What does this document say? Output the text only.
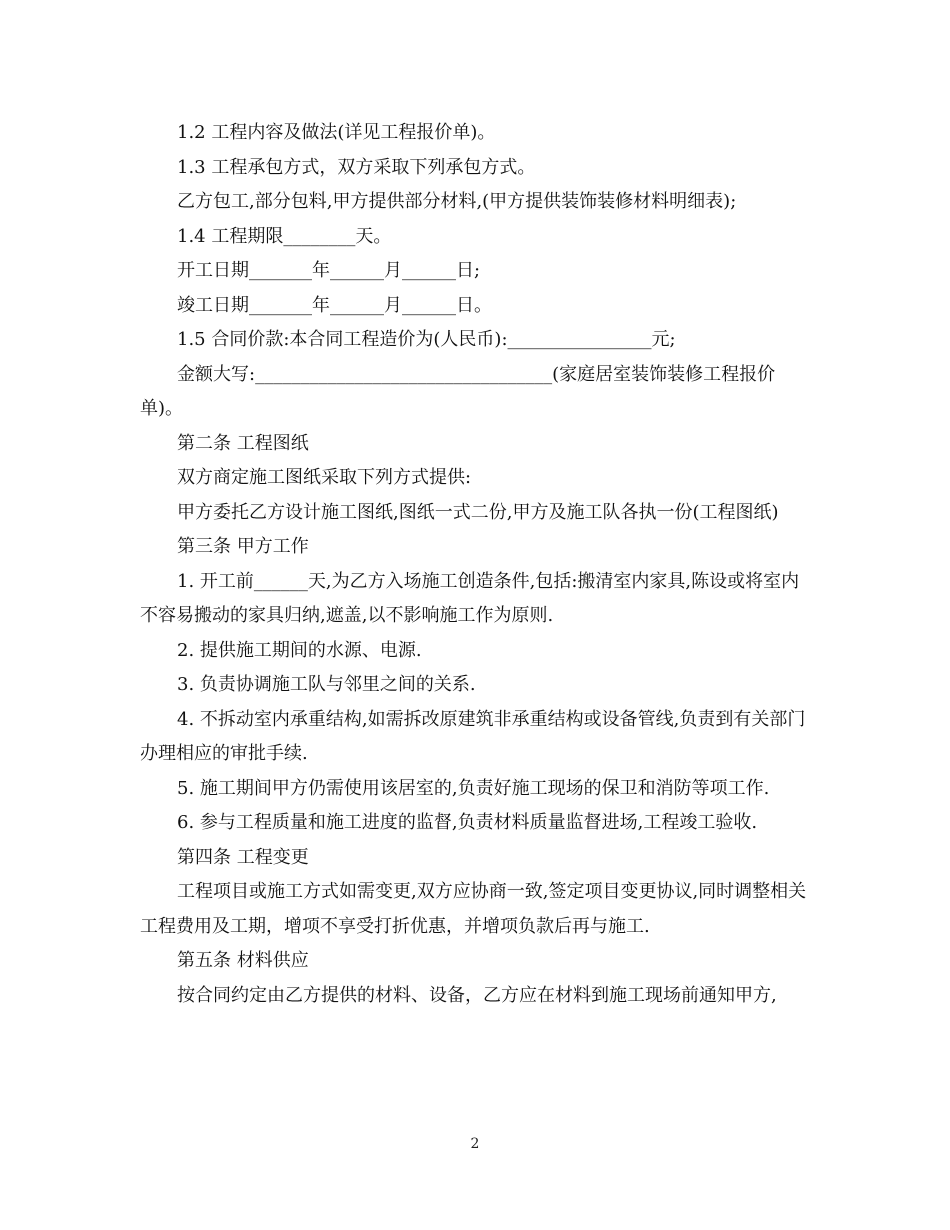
1.2 工程内容及做法(详见工程报价单)。

1.3 工程承包方式，双方采取下列承包方式。

乙方包工,部分包料,甲方提供部分材料,(甲方提供装饰装修材料明细表);

1.4 工程期限________天。

开工日期_______年______月______日;

竣工日期_______年______月______日。

1.5 合同价款:本合同工程造价为(人民币):________________元;

金额大写:_________________________________(家庭居室装饰装修工程报价单)。

第二条 工程图纸

双方商定施工图纸采取下列方式提供:

甲方委托乙方设计施工图纸,图纸一式二份,甲方及施工队各执一份(工程图纸)

第三条 甲方工作

1. 开工前______天,为乙方入场施工创造条件,包括:搬清室内家具,陈设或将室内不容易搬动的家具归纳,遮盖,以不影响施工作为原则.

2. 提供施工期间的水源、电源.

3. 负责协调施工队与邻里之间的关系.

4. 不拆动室内承重结构,如需拆改原建筑非承重结构或设备管线,负责到有关部门办理相应的审批手续.

5. 施工期间甲方仍需使用该居室的,负责好施工现场的保卫和消防等项工作.

6. 参与工程质量和施工进度的监督,负责材料质量监督进场,工程竣工验收.

第四条 工程变更

工程项目或施工方式如需变更,双方应协商一致,签定项目变更协议,同时调整相关工程费用及工期，增项不享受打折优惠，并增项负款后再与施工.

第五条 材料供应

按合同约定由乙方提供的材料、设备，乙方应在材料到施工现场前通知甲方,

2
